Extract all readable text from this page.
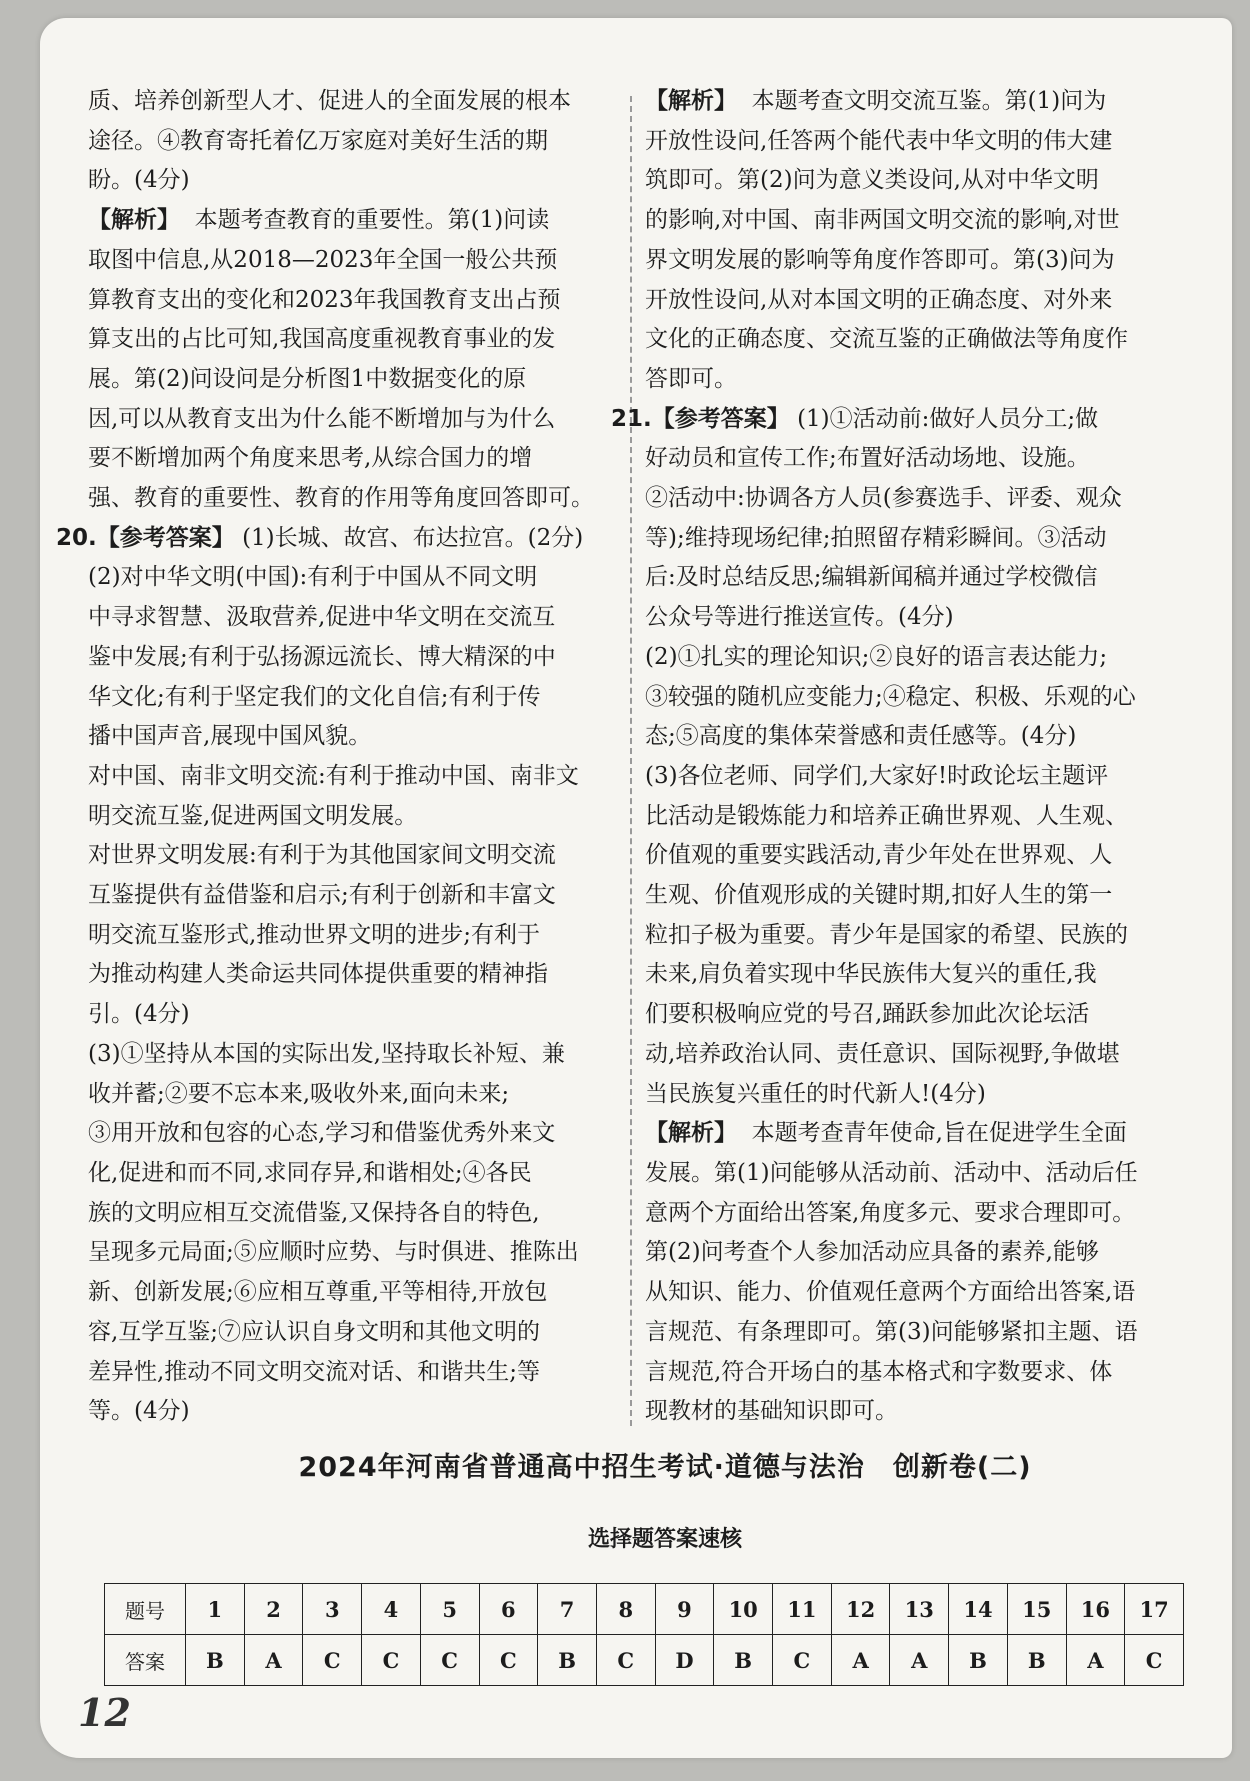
质、培养创新型人才、促进人的全面发展的根本

途径。④教育寄托着亿万家庭对美好生活的期

盼。(4分)

【解析】 本题考查教育的重要性。第(1)问读

取图中信息,从2018—2023年全国一般公共预

算教育支出的变化和2023年我国教育支出占预

算支出的占比可知,我国高度重视教育事业的发

展。第(2)问设问是分析图1中数据变化的原

因,可以从教育支出为什么能不断增加与为什么

要不断增加两个角度来思考,从综合国力的增

强、教育的重要性、教育的作用等角度回答即可。

20.【参考答案】 (1)长城、故宫、布达拉宫。(2分)

(2)对中华文明(中国):有利于中国从不同文明

中寻求智慧、汲取营养,促进中华文明在交流互

鉴中发展;有利于弘扬源远流长、博大精深的中

华文化;有利于坚定我们的文化自信;有利于传

播中国声音,展现中国风貌。

对中国、南非文明交流:有利于推动中国、南非文

明交流互鉴,促进两国文明发展。

对世界文明发展:有利于为其他国家间文明交流

互鉴提供有益借鉴和启示;有利于创新和丰富文

明交流互鉴形式,推动世界文明的进步;有利于

为推动构建人类命运共同体提供重要的精神指

引。(4分)

(3)①坚持从本国的实际出发,坚持取长补短、兼

收并蓄;②要不忘本来,吸收外来,面向未来;

③用开放和包容的心态,学习和借鉴优秀外来文

化,促进和而不同,求同存异,和谐相处;④各民

族的文明应相互交流借鉴,又保持各自的特色,

呈现多元局面;⑤应顺时应势、与时俱进、推陈出

新、创新发展;⑥应相互尊重,平等相待,开放包

容,互学互鉴;⑦应认识自身文明和其他文明的

差异性,推动不同文明交流对话、和谐共生;等

等。(4分)

【解析】 本题考查文明交流互鉴。第(1)问为

开放性设问,任答两个能代表中华文明的伟大建

筑即可。第(2)问为意义类设问,从对中华文明

的影响,对中国、南非两国文明交流的影响,对世

界文明发展的影响等角度作答即可。第(3)问为

开放性设问,从对本国文明的正确态度、对外来

文化的正确态度、交流互鉴的正确做法等角度作

答即可。

21.【参考答案】 (1)①活动前:做好人员分工;做

好动员和宣传工作;布置好活动场地、设施。

②活动中:协调各方人员(参赛选手、评委、观众

等);维持现场纪律;拍照留存精彩瞬间。③活动

后:及时总结反思;编辑新闻稿并通过学校微信

公众号等进行推送宣传。(4分)

(2)①扎实的理论知识;②良好的语言表达能力;

③较强的随机应变能力;④稳定、积极、乐观的心

态;⑤高度的集体荣誉感和责任感等。(4分)

(3)各位老师、同学们,大家好!时政论坛主题评

比活动是锻炼能力和培养正确世界观、人生观、

价值观的重要实践活动,青少年处在世界观、人

生观、价值观形成的关键时期,扣好人生的第一

粒扣子极为重要。青少年是国家的希望、民族的

未来,肩负着实现中华民族伟大复兴的重任,我

们要积极响应党的号召,踊跃参加此次论坛活

动,培养政治认同、责任意识、国际视野,争做堪

当民族复兴重任的时代新人!(4分)

【解析】 本题考查青年使命,旨在促进学生全面

发展。第(1)问能够从活动前、活动中、活动后任

意两个方面给出答案,角度多元、要求合理即可。

第(2)问考查个人参加活动应具备的素养,能够

从知识、能力、价值观任意两个方面给出答案,语

言规范、有条理即可。第(3)问能够紧扣主题、语

言规范,符合开场白的基本格式和字数要求、体

现教材的基础知识即可。

2024年河南省普通高中招生考试·道德与法治　创新卷(二)

选择题答案速核

题号	1	2	3	4	5	6	7	8	9	10	11	12	13	14	15	16	17
答案	B	A	C	C	C	C	B	C	D	B	C	A	A	B	B	A	C

12
